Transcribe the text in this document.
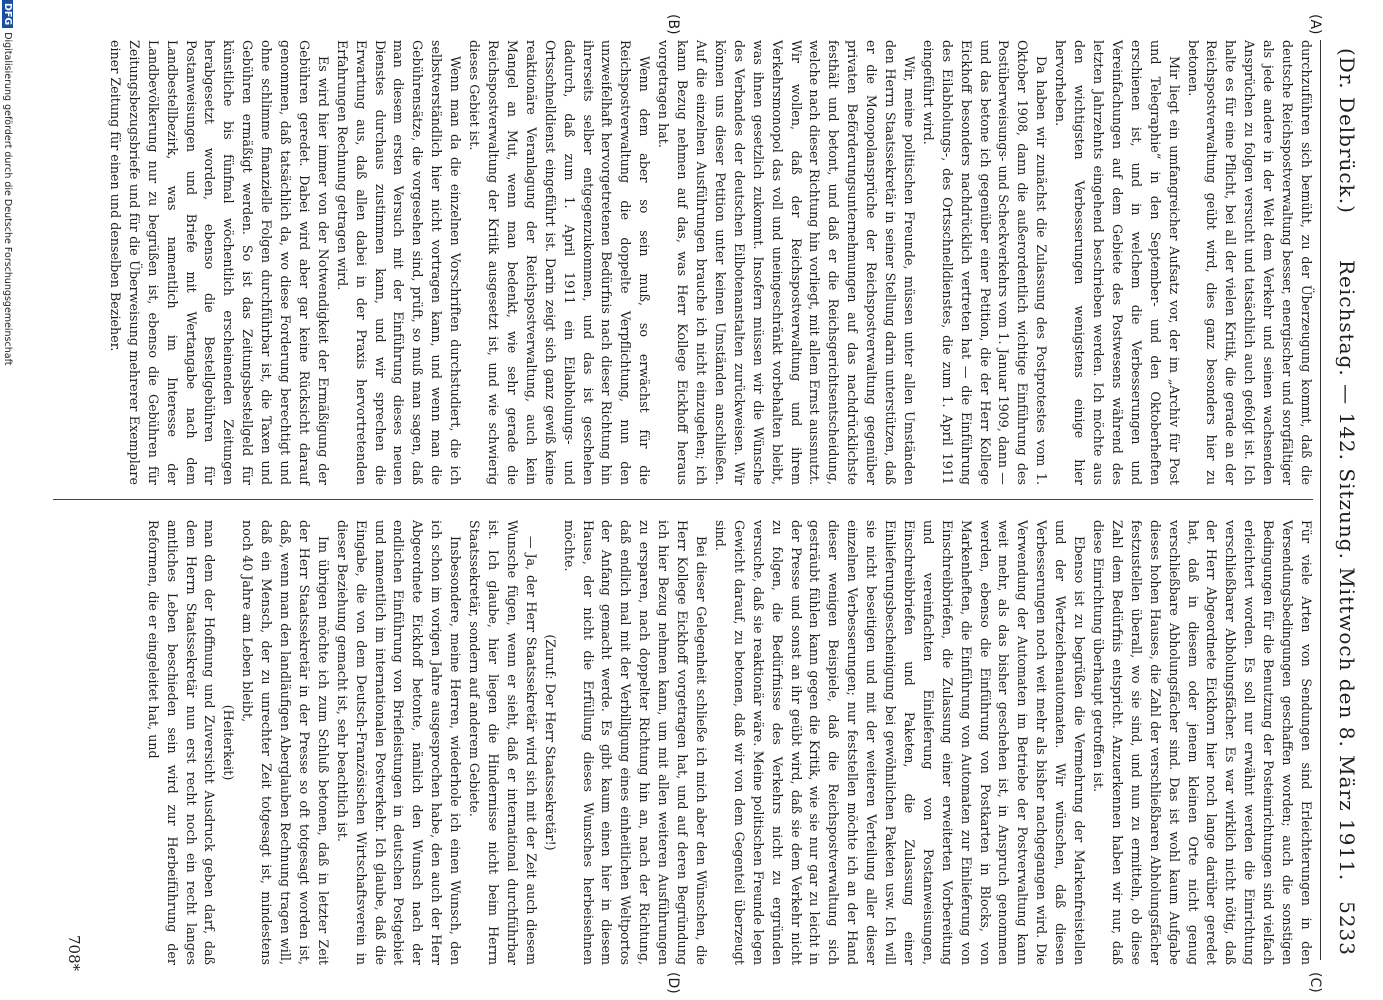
(Dr. Delbrück.)
Reichstag. — 142. Sitzung. Mittwoch den 8. März 1911.
5233
(A)
(B)
(C)
(D)

durchzuführen sich bemüht, zu der Überzeugung kommt, daß die deutsche Reichspostverwaltung besser, energischer und sorgfältiger als jede andere in der Welt dem Verkehr und seinen wachsenden Ansprüchen zu folgen versucht und tatsächlich auch gefolgt ist. Ich halte es für eine Pflicht, bei all der vielen Kritik, die gerade an der Reichspostverwaltung geübt wird, dies ganz besonders hier zu betonen.

Mir liegt ein umfangreicher Aufsatz vor, der im „Archiv für Post und Telegraphie“ in den September- und den Oktoberheften erschienen ist, und in welchem die Verbesserungen und Vereinfachungen auf dem Gebiete des Postwesens während des letzten Jahrzehnts eingehend beschrieben werden. Ich möchte aus den wichtigsten Verbesserungen wenigstens einige hier hervorheben.

Da haben wir zunächst die Zulassung des Postprotestes vom 1. Oktober 1908, dann die außerordentlich wichtige Einführung des Postüberweisungs- und Scheckverkehrs vom 1. Januar 1909, dann — und das betone ich gegenüber einer Petition, die der Herr Kollege Eickhoff besonders nachdrücklich vertreten hat — die Einführung des Eilabholungs-, des Ortsschnelldienstes, die zum 1. April 1911 eingeführt wird.

Wir, meine politischen Freunde, müssen unter allen Umständen den Herrn Staatssekretär in seiner Stellung darin unterstützen, daß er die Monopolansprüche der Reichspostverwaltung gegenüber privaten Beförderungsunternehmungen auf das nachdrücklichste festhält und betont, und daß er die Reichsgerichtsentscheidung, welche nach dieser Richtung hin vorliegt, mit allem Ernst aussnutzt. Wir wollen, daß der Reichspostverwaltung und ihrem Verkehrsmonopol das voll und uneingeschränkt vorbehalten bleibt, was ihnen gesetzlich zukommt. Insofern müssen wir die Wünsche des Verbandes der deutschen Eilbotenanstalten zurückweisen. Wir können uns dieser Petition unter keinen Umständen anschließen. Auf die einzelnen Ausführungen brauche ich nicht einzugehen; ich kann Bezug nehmen auf das, was Herr Kollege Eickhoff heraus vorgetragen hat.

Wenn dem aber so sein muß, so erwächst für die Reichspostverwaltung die doppelte Verpflichtung, nun den unzweifelhaft hervorgetretenen Bedürfnis nach dieser Richtung hin ihrerseits selber entgegenzukommen, und das ist geschehen dadurch, daß zum 1. April 1911 ein Eilabholungs- und Ortsschnelldienst eingeführt ist. Darin zeigt sich ganz gewiß keine reaktionäre Veranlagung der Reichspostverwaltung, auch kein Mangel an Mut, wenn man bedenkt, wie sehr gerade die Reichspostverwaltung der Kritik ausgesetzt ist, und wie schwierig dieses Gebiet ist.

Wenn man da die einzelnen Vorschriften durchstudiert, die ich selbstverständlich hier nicht vortragen kann, und wenn man die Gebührensätze, die vorgesehen sind, prüft, so muß man sagen, daß man diesem ersten Versuch mit der Einführung dieses neuen Dienstes durchaus zustimmen kann, und wir sprechen die Erwartung aus, daß allen dabei in der Praxis hervortretenden Erfahrungen Rechnung getragen wird.

Es wird hier immer von der Notwendigkeit der Ermäßigung der Gebühren geredet. Dabei wird aber gar keine Rücksicht darauf genommen, daß tatsächlich da, wo diese Forderung berechtigt und ohne schlimme finanzielle Folgen durchführbar ist, die Taxen und Gebühren ermäßigt werden. So ist das Zeitungsbestellgeld für künstliche bis fünfmal wöchentlich erscheinenden Zeitungen herabgesetzt worden, ebenso die Bestellgebühren für Postanweisungen und Briefe mit Wertangabe nach dem Landbestellbezirk, was namentlich im Interesse der Landbevölkerung nur zu begrüßen ist, ebenso die Gebühren für Zeitungsbezugsbriefe und für die Überweisung mehrerer Exemplare einer Zeitung für einen und denselben Bezieher.

Für viele Arten von Sendungen sind Erleichterungen in den Versendungsbedingungen geschaffen worden; auch die sonstigen Bedingungen für die Benutzung der Posteinrichtungen sind vielfach erleichtert worden. Es soll nur erwähnt werden die Einrichtung verschließbarer Abholungsfächer. Es war wirklich nicht nötig, daß der Herr Abgeordnete Eickhorn hier noch lange darüber geredet hat, daß in diesem oder jenem kleinen Orte nicht genug verschließbare Abholungsfächer sind. Das ist wohl kaum Aufgabe dieses hohen Hauses, die Zahl der verschließbaren Abholungsfächer festzustellen überall, wo sie sind, und nun zu ermitteln, ob diese Zahl dem Bedürfnis entspricht. Anzuerkennen haben wir nur, daß diese Einrichtung überhaupt getroffen ist.

Ebenso ist zu begrüßen die Vermehrung der Markenfreistellen und der Wertzeichenautomaten. Wir wünschen, daß diesen Verbesserungen noch weit mehr als bisher nachgegangen wird. Die Verwendung der Automaten im Betriebe der Postverwaltung kann weit mehr, als das bisher geschehen ist, in Anspruch genommen werden, ebenso die Einführung von Postkarten in Blocks, von Markenheften, die Einführung von Automaten zur Einlieferung von Einschreibbriefen, die Zulassung einer erweiterten Vorbereitung und vereinfachten Einlieferung von Postanweisungen, Einschreibbriefen und Paketen, die Zulassung einer Einlieferungsbescheinigung bei gewöhnlichen Paketen usw. Ich will sie nicht beseitigen und mit der weiteren Verteilung aller dieser einzelnen Verbesserungen; nur feststellen möchte ich an der Hand dieser wenigen Beispiele, daß die Reichspostverwaltung sich gesträubt fühlen kann gegen die Kritik, wie sie nur gar zu leicht in der Presse und sonst an ihr geübt wird, daß sie dem Verkehr nicht zu folgen, die Bedürfnisse des Verkehrs nicht zu ergründen versuche, daß sie reaktionär wäre. Meine politischen Freunde legen Gewicht darauf, zu betonen, daß wir von dem Gegenteil überzeugt sind.

Bei dieser Gelegenheit schließe ich mich aber den Wünschen, die Herr Kollege Eickhoff vorgetragen hat, und auf deren Begründung ich hier Bezug nehmen kann, um mit allen weiteren Ausführungen zu ersparen, nach doppelter Richtung hin an, nach der Richtung, daß endlich mal mit der Verbilligung eines einheitlichen Weltportos der Anfang gemacht werde. Es gibt kaum einen hier in diesem Hause, der nicht die Erfüllung dieses Wunsches herbeisehnen möchte.

(Zuruf: Der Herr Staatssekretär!)

— Ja, der Herr Staatssekretär wird sich mit der Zeit auch diesem Wunsche fügen, wenn er sieht, daß er international durchführbar ist. Ich glaube, hier liegen die Hindernisse nicht beim Herrn Staatssekretär, sondern auf anderem Gebiete.

Insbesondere, meine Herren, wiederhole ich einen Wunsch, den ich schon im vorigen Jahre ausgesprochen habe, den auch der Herr Abgeordnete Eickhoff betonte, nämlich den Wunsch nach der endlichen Einführung von Briefleistungen in deutschen Postgebiet und namentlich im internationalen Postverkehr. Ich glaube, daß die Eingabe, die von dem Deutsch-Französischen Wirtschaftsverein in dieser Beziehung gemacht ist, sehr beachtlich ist.

Im übrigen möchte ich zum Schluß betonen, daß in letzter Zeit der Herr Staatssekretär in der Presse so oft totgesagt worden ist, daß, wenn man den landläufigen Aberglauben Rechnung tragen will, daß ein Mensch, der zu unrechter Zeit totgesagt ist, mindestens noch 40 Jahre am Leben bleibt,

(Heiterkeit)

man dem der Hoffnung und Zuversicht Ausdruck geben darf, daß dem Herrn Staatssekretär nun erst recht noch ein recht langes amtliches Leben beschieden sein wird zur Herbeiführung der Reformen, die er eingeleitet hat, und

708*
DFGDigitalisierung gefördert durch die Deutsche Forschungsgemeinschaft
